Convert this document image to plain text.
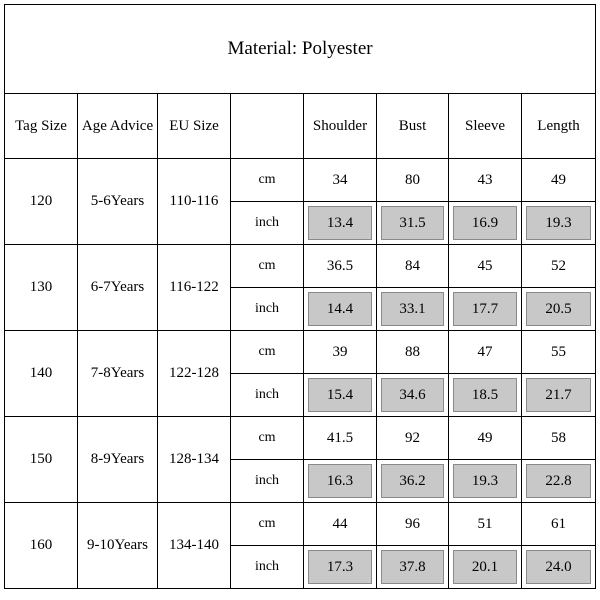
Material: Polyester							
Tag Size	Age Advice	EU Size		Shoulder	Bust	Sleeve	Length
120	5-6Years	110-116	cm	34	80	43	49
			inch	13.4	31.5	16.9	19.3

130	6-7Years	116-122	cm	36.5	84	45	52
			inch	14.4	33.1	17.7	20.5

140	7-8Years	122-128	cm	39	88	47	55
			inch	15.4	34.6	18.5	21.7

150	8-9Years	128-134	cm	41.5	92	49	58
			inch	16.3	36.2	19.3	22.8

160	9-10Years	134-140	cm	44	96	51	61
			inch	17.3	37.8	20.1	24.0
